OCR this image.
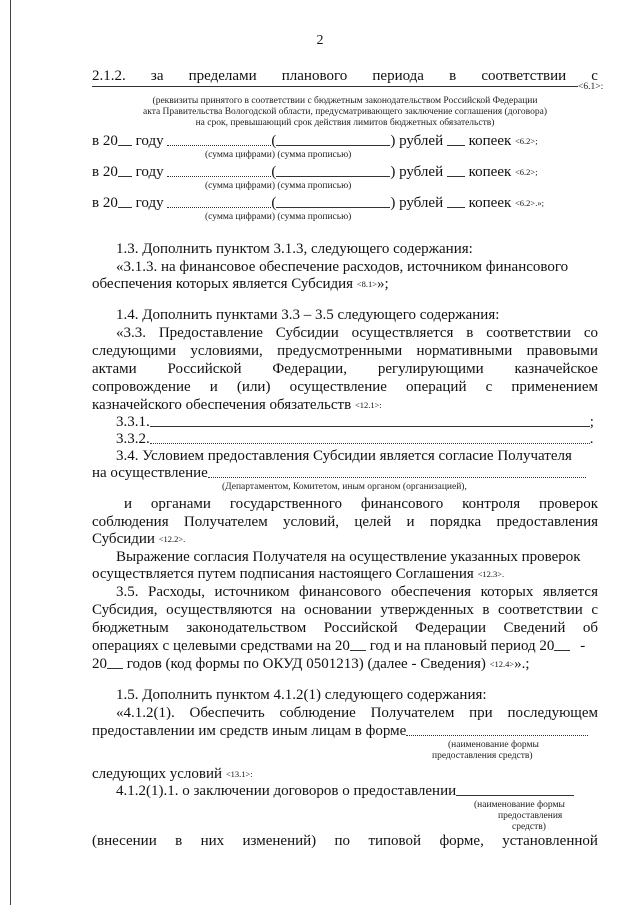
2
2.1.2. за пределами планового периода в соответствии с
<6.1>:
(реквизиты принятого в соответствии с бюджетным законодательством Российской Федерации
акта Правительства Вологодской области, предусматривающего заключение соглашения (договора)
на срок, превышающий срок действия лимитов бюджетных обязательств)
в 20 году	(	) рублей копеек <6.2>;
(сумма цифрами) (сумма прописью)
в 20 году	(	) рублей копеек <6.2>;
(сумма цифрами) (сумма прописью)
в 20 году	(	) рублей копеек <6.2>.»;
(сумма цифрами) (сумма прописью)
1.3. Дополнить пунктом 3.1.3, следующего содержания:
«3.1.3. на финансовое обеспечение расходов, источником финансового
обеспечения которых является Субсидия <8.1>»;
1.4. Дополнить пунктами 3.3 – 3.5 следующего содержания:
«3.3. Предоставление Субсидии осуществляется в соответствии со
следующими условиями, предусмотренными нормативными правовыми
актами Российской Федерации, регулирующими казначейское
сопровождение и (или) осуществление операций с применением
казначейского обеспечения обязательств <12.1>:
3.3.1.	;
3.3.2.	.
3.4. Условием предоставления Субсидии является согласие Получателя
на осуществление
(Департаментом, Комитетом, иным органом (организацией),
и органами государственного финансового контроля проверок
соблюдения Получателем условий, целей и порядка предоставления
Субсидии <12.2>.
Выражение согласия Получателя на осуществление указанных проверок
осуществляется путем подписания настоящего Соглашения <12.3>.
3.5. Расходы, источником финансового обеспечения которых является
Субсидия, осуществляются на основании утвержденных в соответствии с
бюджетным законодательством Российской Федерации Сведений об
операциях с целевыми средствами на 20 год и на плановый период 20 -
20 годов (код формы по ОКУД 0501213) (далее - Сведения) <12.4>».;
1.5. Дополнить пунктом 4.1.2(1) следующего содержания:
«4.1.2(1). Обеспечить соблюдение Получателем при последующем
предоставлении им средств иным лицам в форме
(наименование формы
предоставления средств)
следующих условий <13.1>:
4.1.2(1).1. о заключении договоров о предоставлении
(наименование формы
предоставления
средств)
(внесении в них изменений) по типовой форме, установленной
